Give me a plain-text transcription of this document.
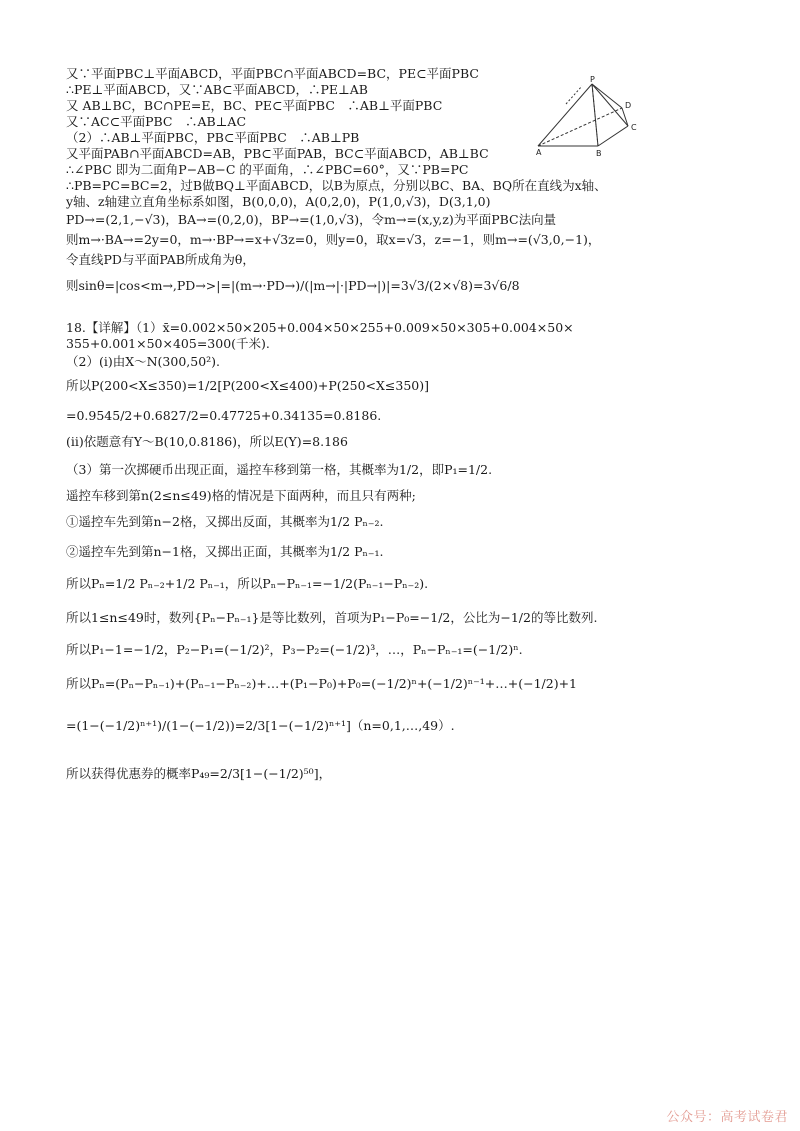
又∵平面PBC⊥平面ABCD，平面PBC∩平面ABCD=BC，PE⊂平面PBC
∴PE⊥平面ABCD，又∵AB⊂平面ABCD，∴PE⊥AB
又 AB⊥BC，BC∩PE=E，BC、PE⊂平面PBC　∴AB⊥平面PBC
又∵AC⊂平面PBC　∴AB⊥AC
（2）∴AB⊥平面PBC，PB⊂平面PBC　∴AB⊥PB
又平面PAB∩平面ABCD=AB，PB⊂平面PAB，BC⊂平面ABCD，AB⊥BC
∴∠PBC 即为二面角P−AB−C 的平面角，∴∠PBC=60°，又∵PB=PC
∴PB=PC=BC=2，过B做BQ⊥平面ABCD，以B为原点，分别以BC、BA、BQ所在直线为x轴、
y轴、z轴建立直角坐标系如图，B(0,0,0)，A(0,2,0)，P(1,0,√3)，D(3,1,0)
PD→=(2,1,−√3)，BA→=(0,2,0)，BP→=(1,0,√3)，令m→=(x,y,z)为平面PBC法向量
则m→·BA→=2y=0，m→·BP→=x+√3z=0，则y=0，取x=√3，z=−1，则m→=(√3,0,−1)，
令直线PD与平面PAB所成角为θ，
则sinθ=|cos<m→,PD→>|=|(m→·PD→)/(|m→|·|PD→|)|=3√3/(2×√8)=3√6/8
18.【详解】（1）x̄=0.002×50×205+0.004×50×255+0.009×50×305+0.004×50×
355+0.001×50×405=300(千米).
（2）(i)由X～N(300,50²).
所以P(200<X≤350)=1/2[P(200<X≤400)+P(250<X≤350)]
=0.9545/2+0.6827/2=0.47725+0.34135=0.8186.
(ii)依题意有Y～B(10,0.8186)，所以E(Y)=8.186
（3）第一次掷硬币出现正面，遥控车移到第一格，其概率为1/2，即P₁=1/2.
遥控车移到第n(2≤n≤49)格的情况是下面两种，而且只有两种;
①遥控车先到第n−2格，又掷出反面，其概率为1/2 Pₙ₋₂.
②遥控车先到第n−1格，又掷出正面，其概率为1/2 Pₙ₋₁.
所以Pₙ=1/2 Pₙ₋₂+1/2 Pₙ₋₁，所以Pₙ−Pₙ₋₁=−1/2(Pₙ₋₁−Pₙ₋₂).
所以1≤n≤49时，数列{Pₙ−Pₙ₋₁}是等比数列，首项为P₁−P₀=−1/2，公比为−1/2的等比数列.
所以P₁−1=−1/2，P₂−P₁=(−1/2)²，P₃−P₂=(−1/2)³，…，Pₙ−Pₙ₋₁=(−1/2)ⁿ.
所以Pₙ=(Pₙ−Pₙ₋₁)+(Pₙ₋₁−Pₙ₋₂)+…+(P₁−P₀)+P₀=(−1/2)ⁿ+(−1/2)ⁿ⁻¹+…+(−1/2)+1
=(1−(−1/2)ⁿ⁺¹)/(1−(−1/2))=2/3[1−(−1/2)ⁿ⁺¹]（n=0,1,…,49）.
所以获得优惠券的概率P₄₉=2/3[1−(−1/2)⁵⁰]，
P
A	B
C
D
公众号：高考试卷君
